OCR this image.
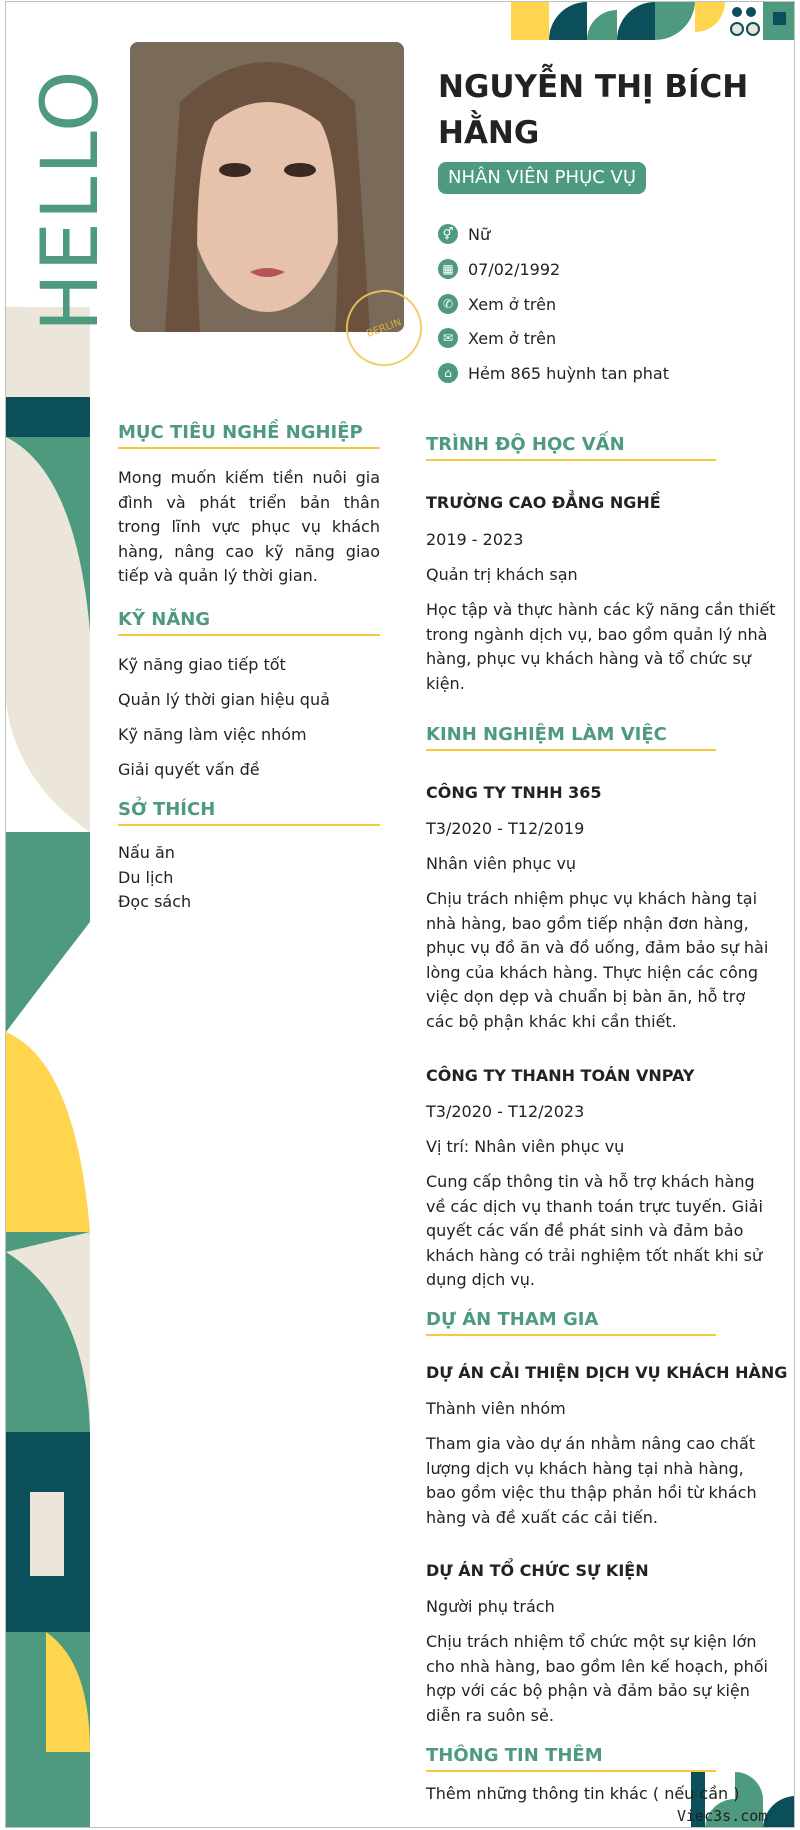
HELLO	BERLIN
NGUYỄN THỊ BÍCH HẰNG
NHÂN VIÊN PHỤC VỤ
⚥ Nữ
▦ 07/02/1992
✆ Xem ở trên
✉ Xem ở trên
⌂	Hẻm 865 huỳnh tan phat
MỤC TIÊU NGHỀ NGHIỆP
Mong muốn kiếm tiền nuôi gia đình và phát triển bản thân trong lĩnh vực phục vụ khách hàng, nâng cao kỹ năng giao tiếp và quản lý thời gian.
KỸ NĂNG
Kỹ năng giao tiếp tốt
Quản lý thời gian hiệu quả
Kỹ năng làm việc nhóm
Giải quyết vấn đề
SỞ THÍCH
Nấu ăn
Du lịch
Đọc sách
TRÌNH ĐỘ HỌC VẤN
TRƯỜNG CAO ĐẲNG NGHỀ
2019 - 2023
Quản trị khách sạn
Học tập và thực hành các kỹ năng cần thiết trong ngành dịch vụ, bao gồm quản lý nhà hàng, phục vụ khách hàng và tổ chức sự kiện.
KINH NGHIỆM LÀM VIỆC
CÔNG TY TNHH 365
T3/2020 - T12/2019
Nhân viên phục vụ
Chịu trách nhiệm phục vụ khách hàng tại nhà hàng, bao gồm tiếp nhận đơn hàng, phục vụ đồ ăn và đồ uống, đảm bảo sự hài lòng của khách hàng. Thực hiện các công việc dọn dẹp và chuẩn bị bàn ăn, hỗ trợ các bộ phận khác khi cần thiết.
CÔNG TY THANH TOÁN VNPAY
T3/2020 - T12/2023
Vị trí: Nhân viên phục vụ
Cung cấp thông tin và hỗ trợ khách hàng về các dịch vụ thanh toán trực tuyến. Giải quyết các vấn đề phát sinh và đảm bảo khách hàng có trải nghiệm tốt nhất khi sử dụng dịch vụ.
DỰ ÁN THAM GIA
DỰ ÁN CẢI THIỆN DỊCH VỤ KHÁCH HÀNG
Thành viên nhóm
Tham gia vào dự án nhằm nâng cao chất lượng dịch vụ khách hàng tại nhà hàng, bao gồm việc thu thập phản hồi từ khách hàng và đề xuất các cải tiến.
DỰ ÁN TỔ CHỨC SỰ KIỆN
Người phụ trách
Chịu trách nhiệm tổ chức một sự kiện lớn cho nhà hàng, bao gồm lên kế hoạch, phối hợp với các bộ phận và đảm bảo sự kiện diễn ra suôn sẻ.
THÔNG TIN THÊM
Thêm những thông tin khác ( nếu cần )
Viec3s.com
